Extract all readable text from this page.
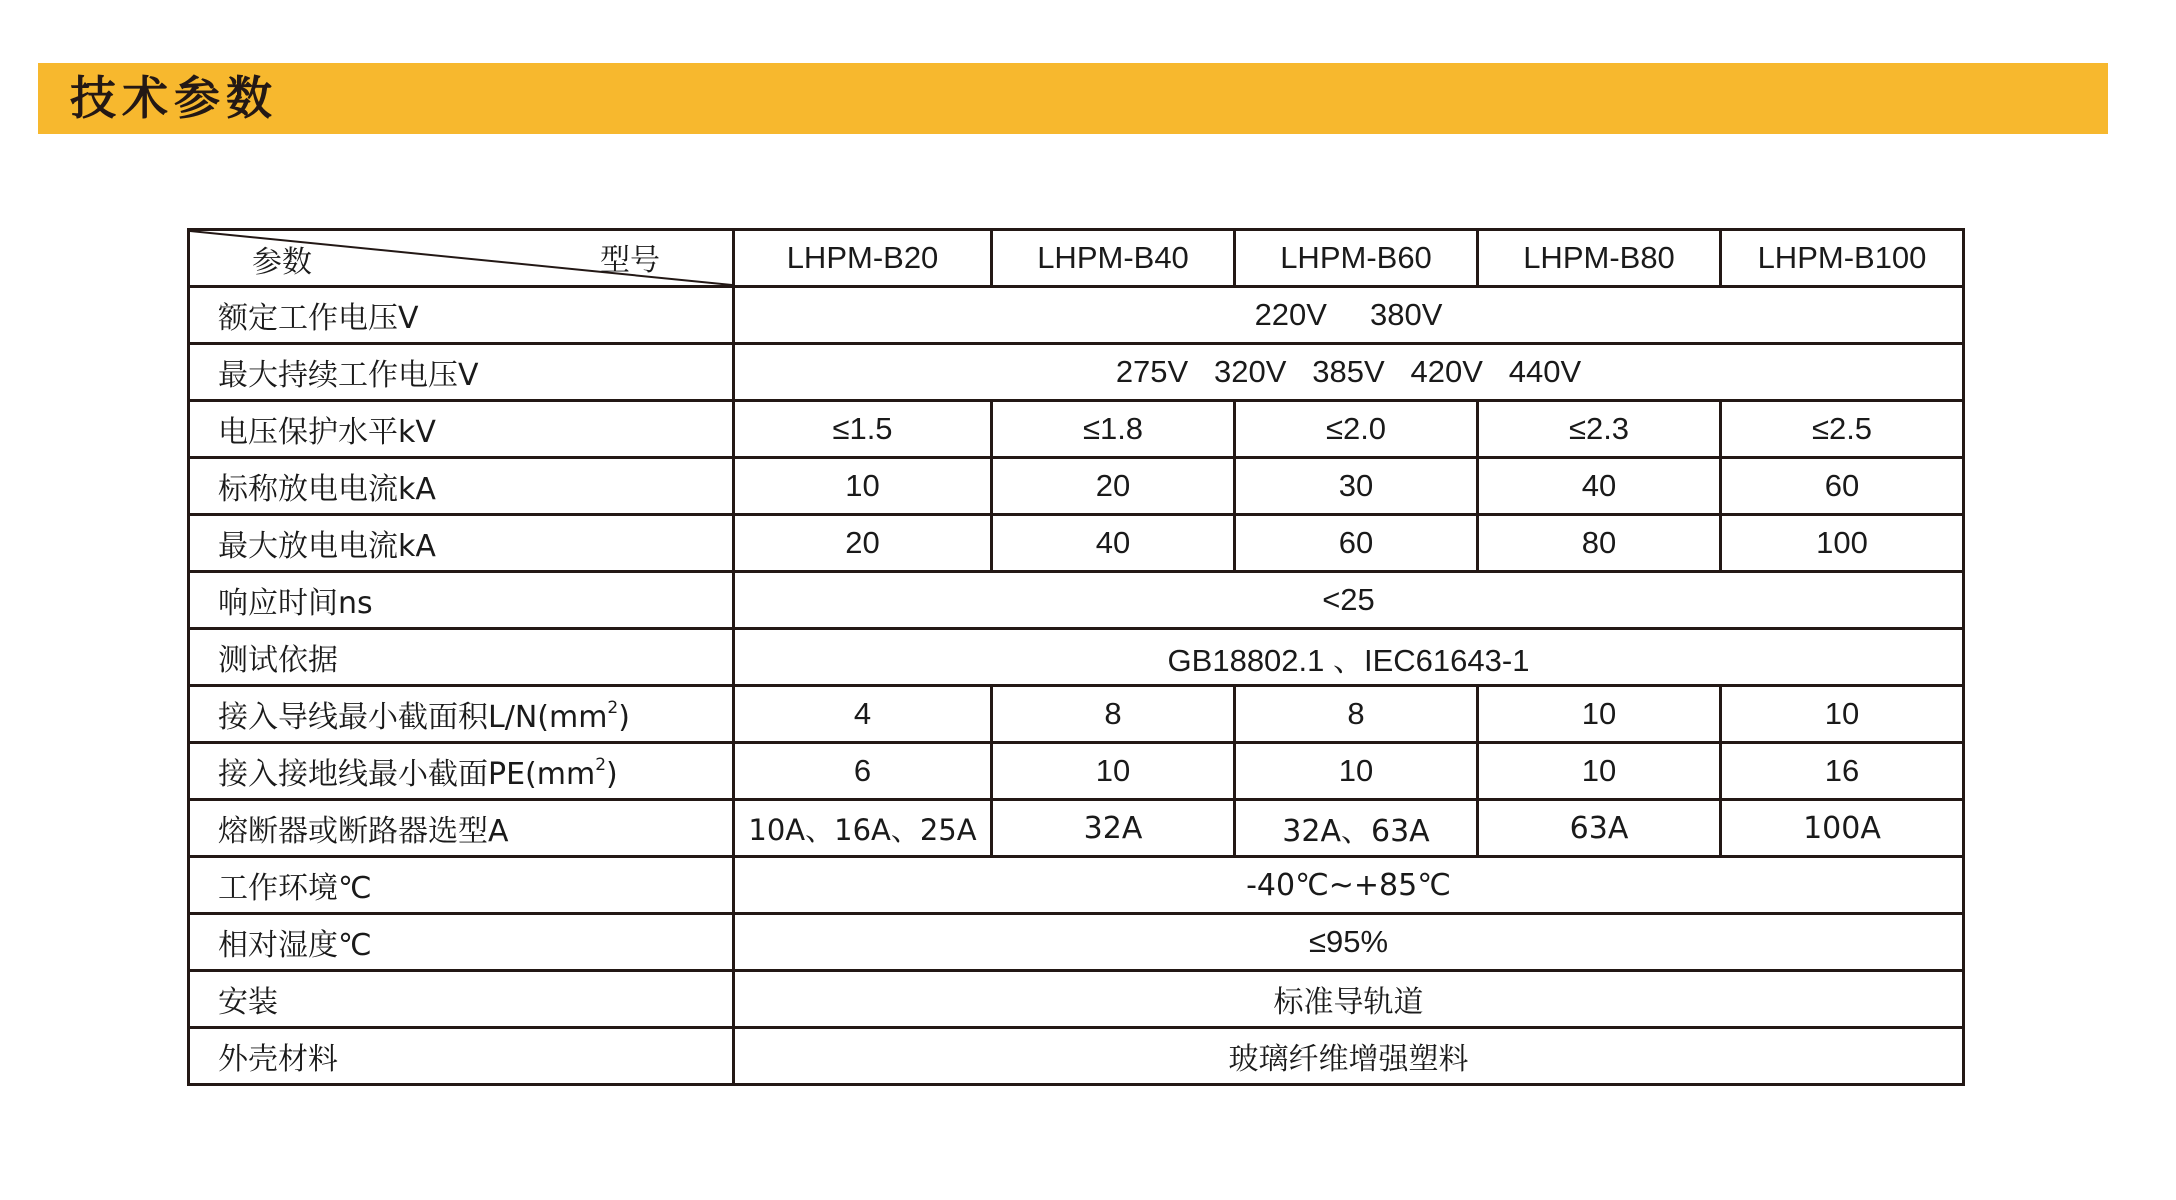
技术参数
型号
参数	LHPM-B20	LHPM-B40	LHPM-B60	LHPM-B80	LHPM-B100
额定工作电压V	220V     380V				
最大持续工作电压V	275V   320V   385V   420V   440V				
电压保护水平kV	≤1.5	≤1.8	≤2.0	≤2.3	≤2.5
标称放电电流kA	10	20	30	40	60
最大放电电流kA	20	40	60	80	100
响应时间ns	<25				
测试依据	GB18802.1 、IEC61643-1				
接入导线最小截面积$L/N(mm^2)$	4	8	8	10	10
接入接地线最小截面$PE(mm^2)$	6	10	10	10	16
熔断器或断路器选型A	10A、16A、25A	32A	32A、63A	63A	100A
工作环境℃	-40℃~+85℃				
相对湿度℃	≤95%				
安装	标准导轨道				
外壳材料	玻璃纤维增强塑料				
